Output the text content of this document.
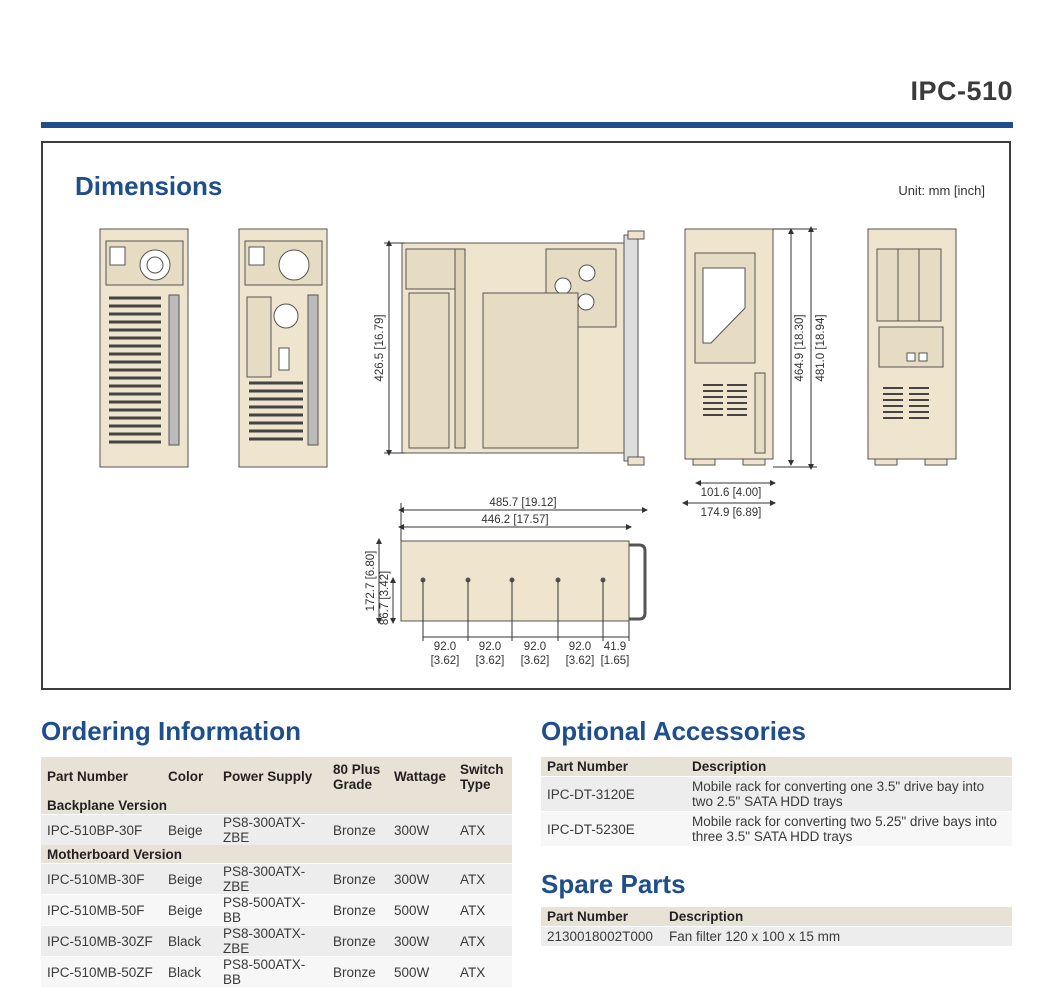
IPC-510
Dimensions	Unit: mm [inch]
426.5 [16.79]	464.9 [18.30] 481.0 [18.94]
101.6 [4.00]
174.9 [6.89]
485.7 [19.12]
446.2 [17.57]
172.7 [6.80] 86.7 [3.42]
92.0
[3.62]
92.0
[3.62]
92.0
[3.62]
92.0
[3.62]
41.9
[1.65]
Ordering Information
Part Number	Color	Power Supply	80 Plus Grade	Wattage	Switch Type
Backplane Version					
IPC-510BP-30F	Beige	PS8-300ATX-ZBE	Bronze	300W	ATX
Motherboard Version					
IPC-510MB-30F	Beige	PS8-300ATX-ZBE	Bronze	300W	ATX
IPC-510MB-50F	Beige	PS8-500ATX-BB	Bronze	500W	ATX
IPC-510MB-30ZF	Black	PS8-300ATX-ZBE	Bronze	300W	ATX
IPC-510MB-50ZF	Black	PS8-500ATX-BB	Bronze	500W	ATX
Optional Accessories
Part Number	Description
IPC-DT-3120E	Mobile rack for converting one 3.5" drive bay into two 2.5" SATA HDD trays
IPC-DT-5230E	Mobile rack for converting two 5.25" drive bays into three 3.5" SATA HDD trays
Spare Parts
Part Number	Description
2130018002T000	Fan filter 120 x 100 x 15 mm
